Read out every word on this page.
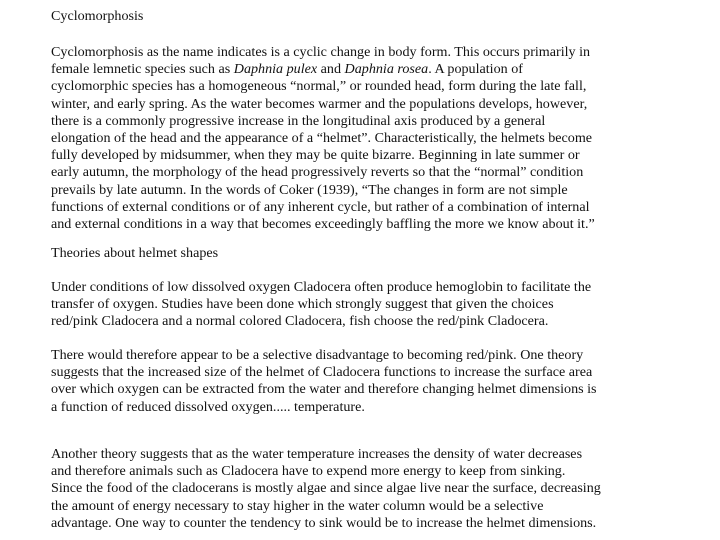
Cyclomorphosis
Cyclomorphosis as the name indicates is a cyclic change in body form. This occurs primarily in
female lemnetic species such as Daphnia pulex and Daphnia rosea. A population of
cyclomorphic species has a homogeneous “normal,” or rounded head, form during the late fall,
winter, and early spring. As the water becomes warmer and the populations develops, however,
there is a commonly progressive increase in the longitudinal axis produced by a general
elongation of the head and the appearance of a “helmet”. Characteristically, the helmets become
fully developed by midsummer, when they may be quite bizarre. Beginning in late summer or
early autumn, the morphology of the head progressively reverts so that the “normal” condition
prevails by late autumn. In the words of Coker (1939), “The changes in form are not simple
functions of external conditions or of any inherent cycle, but rather of a combination of internal
and external conditions in a way that becomes exceedingly baffling the more we know about it.”
Theories about helmet shapes
Under conditions of low dissolved oxygen Cladocera often produce hemoglobin to facilitate the
transfer of oxygen. Studies have been done which strongly suggest that given the choices
red/pink Cladocera and a normal colored Cladocera, fish choose the red/pink Cladocera.
There would therefore appear to be a selective disadvantage to becoming red/pink. One theory
suggests that the increased size of the helmet of Cladocera functions to increase the surface area
over which oxygen can be extracted from the water and therefore changing helmet dimensions is
a function of reduced dissolved oxygen..... temperature.
Another theory suggests that as the water temperature increases the density of water decreases
and therefore animals such as Cladocera have to expend more energy to keep from sinking.
Since the food of the cladocerans is mostly algae and since algae live near the surface, decreasing
the amount of energy necessary to stay higher in the water column would be a selective
advantage. One way to counter the tendency to sink would be to increase the helmet dimensions.
